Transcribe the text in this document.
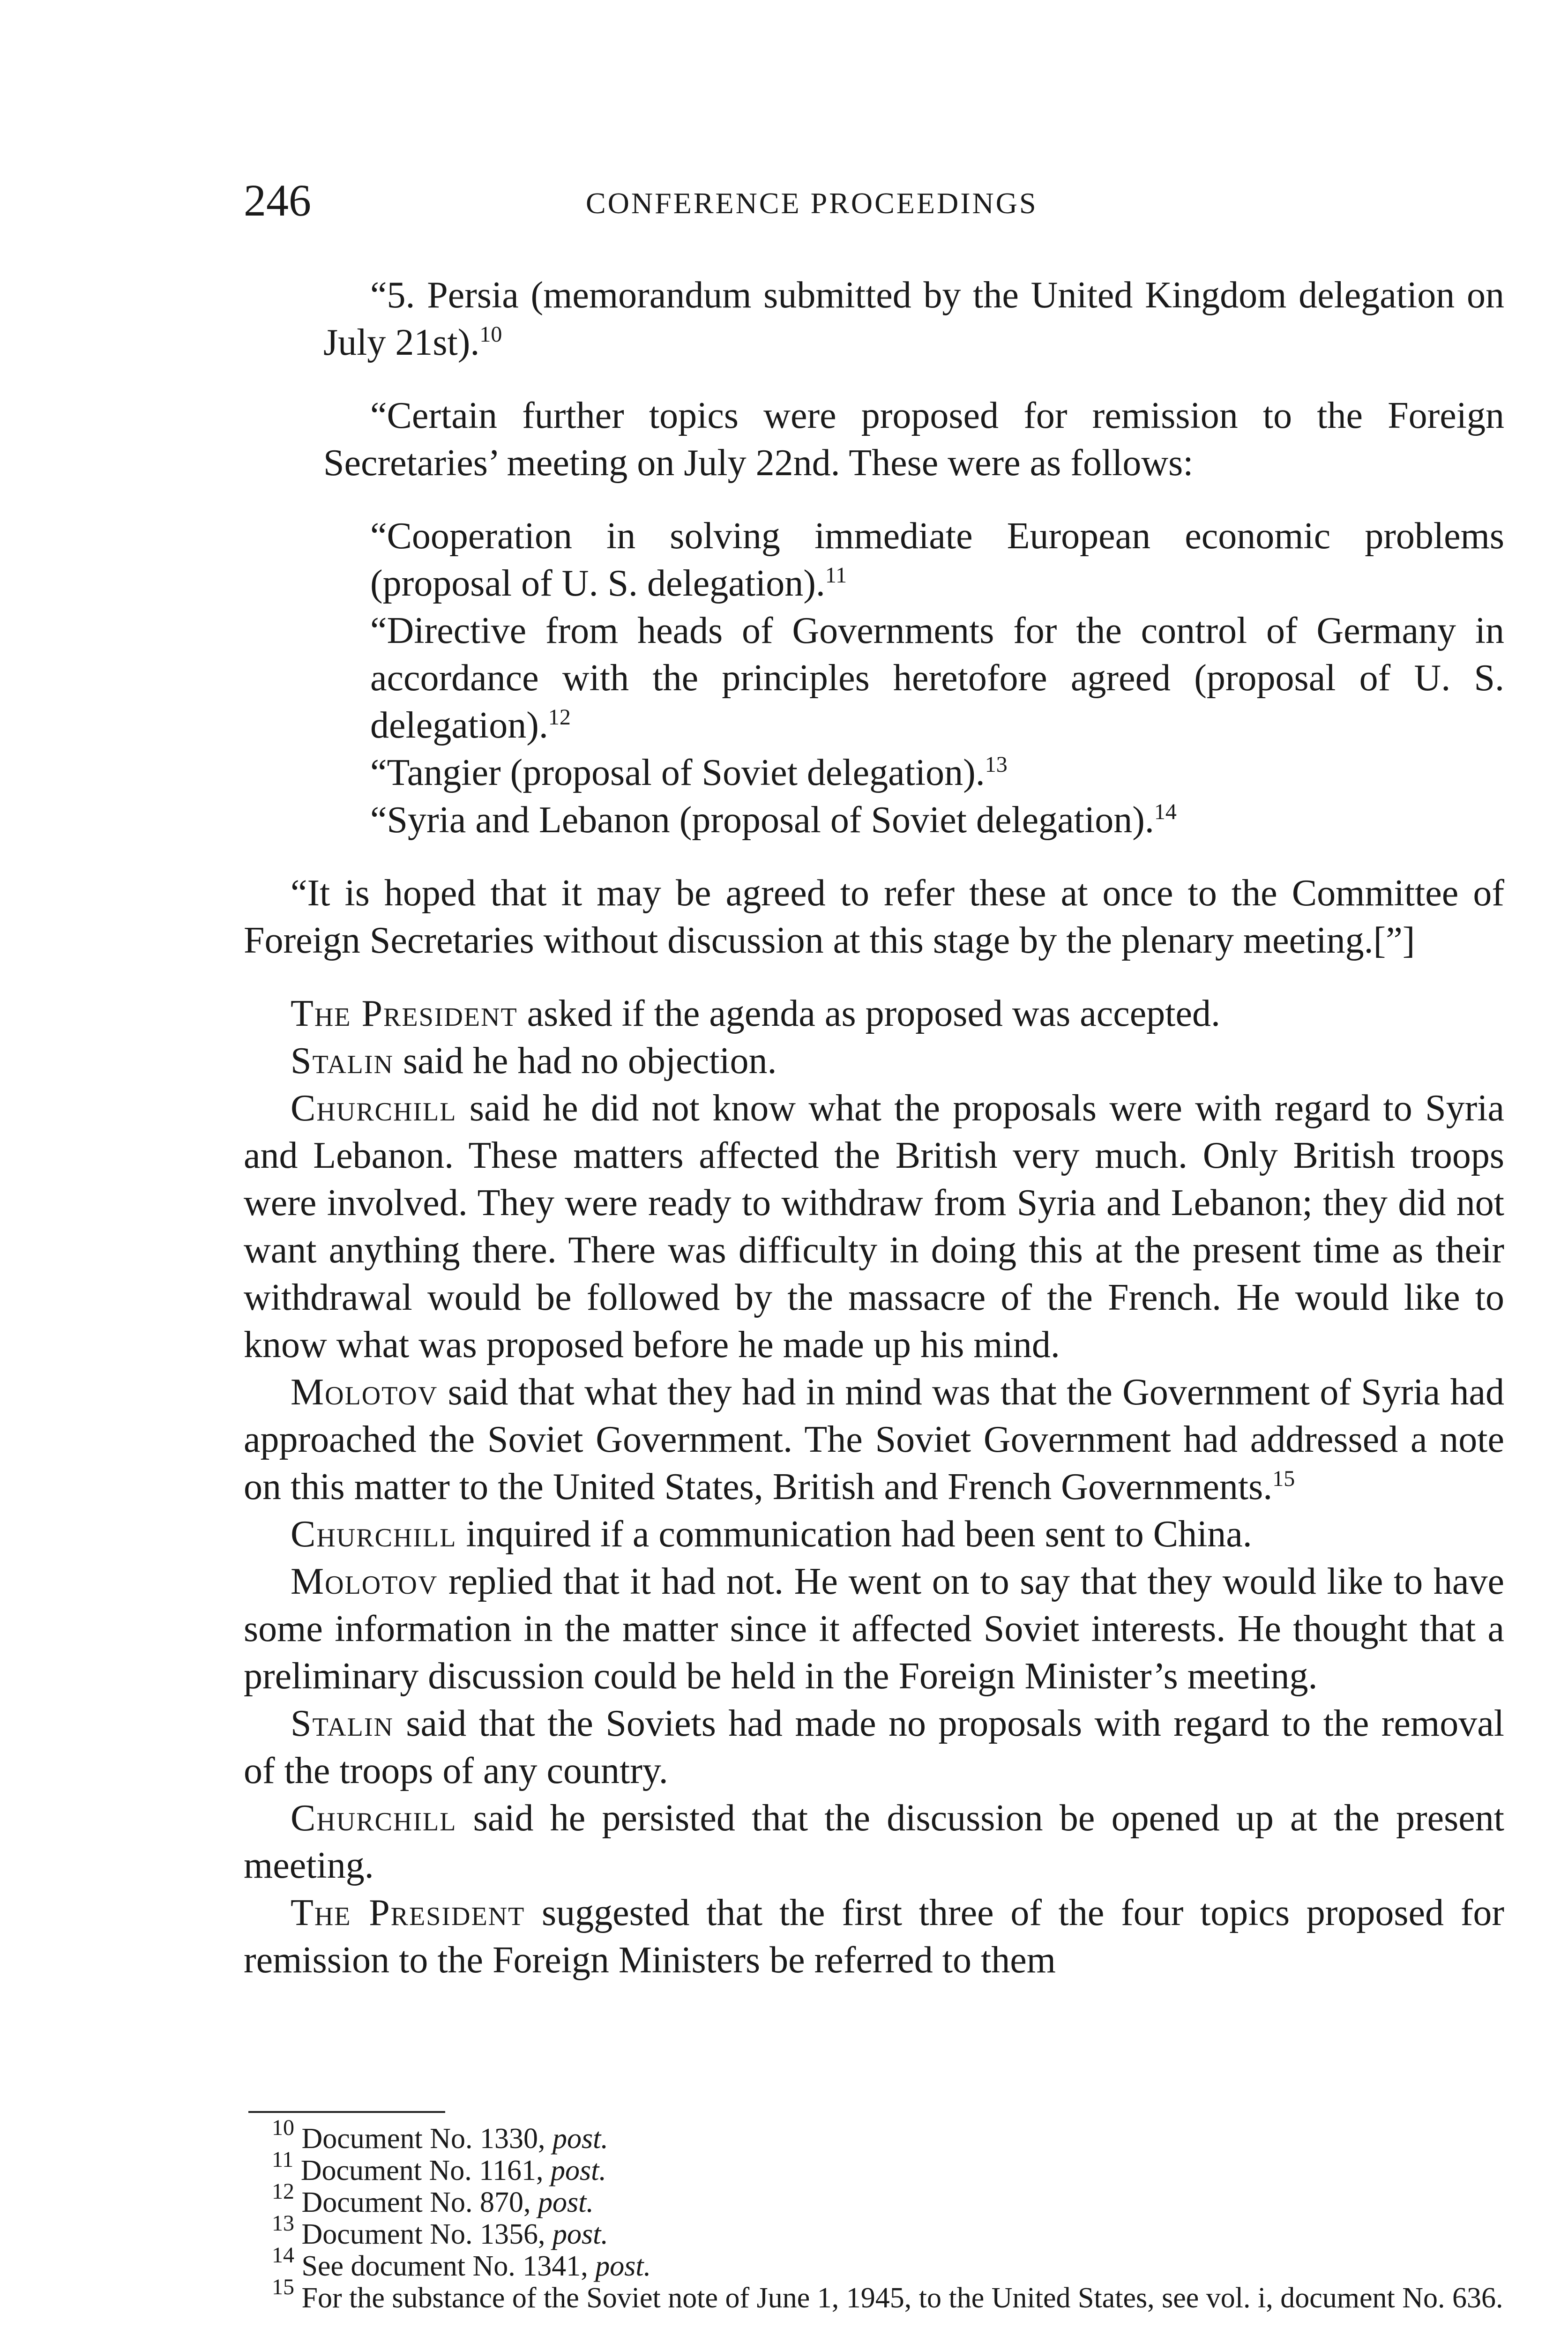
246	CONFERENCE PROCEEDINGS

“5. Persia (memorandum submitted by the United Kingdom delegation on July 21st).$^{10}$

“Certain further topics were proposed for remission to the Foreign Secretaries’ meeting on July 22nd. These were as follows:

“Cooperation in solving immediate European economic problems (proposal of U. S. delegation).$^{11}$

“Directive from heads of Governments for the control of Germany in accordance with the principles heretofore agreed (proposal of U. S. delegation).$^{12}$

“Tangier (proposal of Soviet delegation).$^{13}$

“Syria and Lebanon (proposal of Soviet delegation).$^{14}$

“It is hoped that it may be agreed to refer these at once to the Committee of Foreign Secretaries without discussion at this stage by the plenary meeting.[”]

The President asked if the agenda as proposed was accepted.

Stalin said he had no objection.

Churchill said he did not know what the proposals were with regard to Syria and Lebanon. These matters affected the British very much. Only British troops were involved. They were ready to withdraw from Syria and Lebanon; they did not want anything there. There was difficulty in doing this at the present time as their withdrawal would be followed by the massacre of the French. He would like to know what was proposed before he made up his mind.

Molotov said that what they had in mind was that the Government of Syria had approached the Soviet Government. The Soviet Government had addressed a note on this matter to the United States, British and French Governments.$^{15}$

Churchill inquired if a communication had been sent to China.

Molotov replied that it had not. He went on to say that they would like to have some information in the matter since it affected Soviet interests. He thought that a preliminary discussion could be held in the Foreign Minister’s meeting.

Stalin said that the Soviets had made no proposals with regard to the removal of the troops of any country.

Churchill said he persisted that the discussion be opened up at the present meeting.

The President suggested that the first three of the four topics proposed for remission to the Foreign Ministers be referred to them

$^{10}$ Document No. 1330, post.

$^{11}$ Document No. 1161, post.

$^{12}$ Document No. 870, post.

$^{13}$ Document No. 1356, post.

$^{14}$ See document No. 1341, post.

$^{15}$ For the substance of the Soviet note of June 1, 1945, to the United States, see vol. i, document No. 636.
